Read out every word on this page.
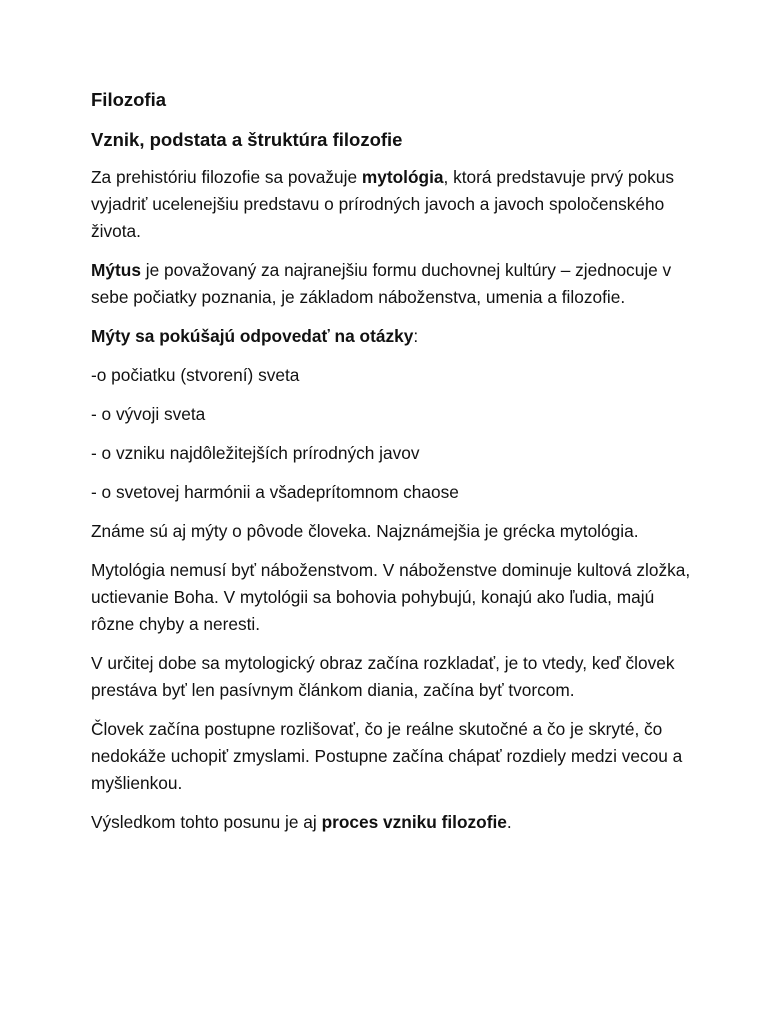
Filozofia
Vznik, podstata a štruktúra filozofie

Za prehistóriu filozofie sa považuje mytológia, ktorá predstavuje prvý pokus vyjadriť ucelenejšiu predstavu o prírodných javoch a javoch spoločenského života.

Mýtus je považovaný za najranejšiu formu duchovnej kultúry – zjednocuje v sebe počiatky poznania, je základom náboženstva, umenia a filozofie.

Mýty sa pokúšajú odpovedať na otázky:

-o počiatku (stvorení) sveta

- o vývoji sveta

- o vzniku najdôležitejších prírodných javov

- o svetovej harmónii a všadeprítomnom chaose

Známe sú aj mýty o pôvode človeka. Najznámejšia je grécka mytológia.

Mytológia nemusí byť náboženstvom. V náboženstve dominuje kultová zložka, uctievanie Boha. V mytológii sa bohovia pohybujú, konajú ako ľudia, majú rôzne chyby a neresti.

V určitej dobe sa mytologický obraz začína rozkladať, je to vtedy, keď človek prestáva byť len pasívnym článkom diania, začína byť tvorcom.

Človek začína postupne rozlišovať, čo je reálne skutočné a čo je skryté, čo nedokáže uchopiť zmyslami. Postupne začína chápať rozdiely medzi vecou a myšlienkou.

Výsledkom tohto posunu je aj proces vzniku filozofie.
